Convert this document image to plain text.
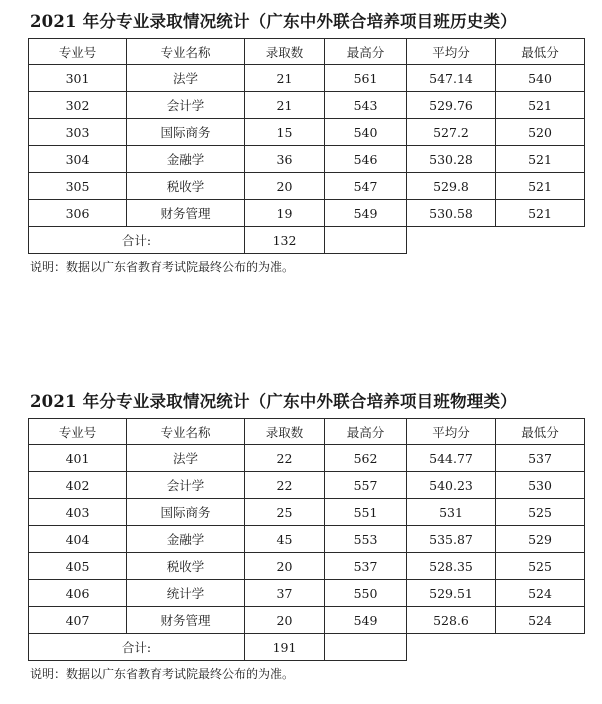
2021 年分专业录取情况统计（广东中外联合培养项目班历史类）
专业号	专业名称	录取数	最高分	平均分	最低分
301	法学	21	561	547.14	540
302	会计学	21	543	529.76	521
303	国际商务	15	540	527.2	520
304	金融学	36	546	530.28	521
305	税收学	20	547	529.8	521
306	财务管理	19	549	530.58	521
合计:		132			
说明：数据以广东省教育考试院最终公布的为准。
2021 年分专业录取情况统计（广东中外联合培养项目班物理类）
专业号	专业名称	录取数	最高分	平均分	最低分
401	法学	22	562	544.77	537
402	会计学	22	557	540.23	530
403	国际商务	25	551	531	525
404	金融学	45	553	535.87	529
405	税收学	20	537	528.35	525
406	统计学	37	550	529.51	524
407	财务管理	20	549	528.6	524
合计:		191			
说明：数据以广东省教育考试院最终公布的为准。
